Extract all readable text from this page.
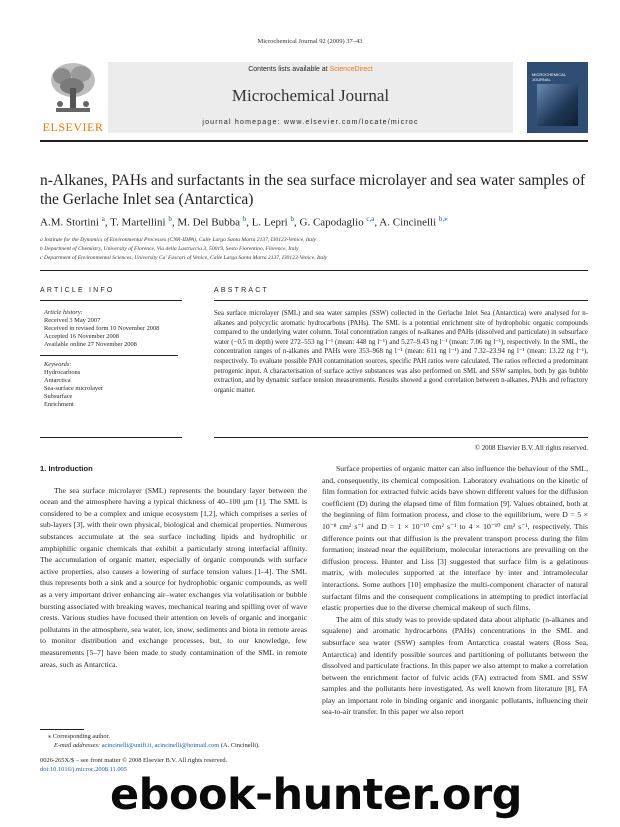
Microchemical Journal 92 (2009) 37–43
ELSEVIER
Contents lists available at ScienceDirect
Microchemical Journal
journal homepage: www.elsevier.com/locate/microc
MICROCHEMICAL JOURNAL
n-Alkanes, PAHs and surfactants in the sea surface microlayer and sea water samples of the Gerlache Inlet sea (Antarctica)
A.M. Stortini $^a$, T. Martellini $^b$, M. Del Bubba $^b$, L. Lepri $^b$, G. Capodaglio $^{c,a}$, A. Cincinelli $^{b,⁎}$
a Institute for the Dynamics of Environmental Processes (CNR-IDPA), Calle Larga Santa Marta 2137, I30123-Venice, Italy
b Department of Chemistry, University of Florence, Via della Lastruccia 3, 50019, Sesto Fiorentino, Florence, Italy
c Department of Environmental Sciences, University Ca' Foscari of Venice, Calle Larga Santa Marta 2137, I30123-Venice, Italy
ARTICLE INFO
Article history:
Received 3 May 2007
Received in revised form 10 November 2008
Accepted 16 November 2008
Available online 27 November 2008

Keywords:
Hydrocarbons
Antarctica
Sea-surface microlayer
Subsurface
Enrichment
ABSTRACT
Sea surface microlayer (SML) and sea water samples (SSW) collected in the Gerlache Inlet Sea (Antarctica) were analysed for n-alkanes and polycyclic aromatic hydrocarbons (PAHs). The SML is a potential enrichment site of hydrophobic organic compounds compared to the underlying water column. Total concentration ranges of n-alkanes and PAHs (dissolved and particulate) in subsurface water (−0.5 m depth) were 272–553 ng l⁻¹ (mean: 448 ng l⁻¹) and 5.27–9.43 ng l⁻¹ (mean: 7.06 ng l⁻¹), respectively. In the SML, the concentration ranges of n-alkanes and PAHs were 353–968 ng l⁻¹ (mean: 611 ng l⁻¹) and 7.32–23.94 ng l⁻¹ (mean: 13.22 ng l⁻¹), respectively. To evaluate possible PAH contamination sources, specific PAH ratios were calculated. The ratios reflected a predominant petrogenic input. A characterisation of surface active substances was also performed on SML and SSW samples, both by gas bubble extraction, and by dynamic surface tension measurements. Results showed a good correlation between n-alkanes, PAHs and refractory organic matter.
© 2008 Elsevier B.V. All rights reserved.
1. Introduction
The sea surface microlayer (SML) represents the boundary layer between the ocean and the atmosphere having a typical thickness of 40–100 µm [1]. The SML is considered to be a complex and unique ecosystem [1,2], which comprises a series of sub-layers [3], with their own physical, biological and chemical properties. Numerous substances accumulate at the sea surface including lipids and hydrophilic or amphiphilic organic chemicals that exhibit a particularly strong interfacial affinity. The accumulation of organic matter, especially of organic compounds with surface active properties, also causes a lowering of surface tension values [1–4]. The SML thus represents both a sink and a source for hydrophobic organic compounds, as well as a very important driver enhancing air–water exchanges via volatilisation or bubble bursting associated with breaking waves, mechanical tearing and spilling over of wave crests. Various studies have focused their attention on levels of organic and inorganic pollutants in the atmosphere, sea water, ice, snow, sediments and biota in remote areas to monitor distribution and exchange processes, but, to our knowledge, few measurements [5–7] have been made to study contamination of the SML in remote areas, such as Antarctica.
Surface properties of organic matter can also influence the behaviour of the SML, and, consequently, its chemical composition. Laboratory evaluations on the kinetic of film formation for extracted fulvic acids have shown different values for the diffusion coefficient (D) during the elapsed time of film formation [9]. Values obtained, both at the beginning of film formation process, and close to the equilibrium, were D = 5 × 10⁻⁸ cm² s⁻¹ and D = 1 × 10⁻¹⁰ cm² s⁻¹ to 4 × 10⁻¹⁰ cm² s⁻¹, respectively. This difference points out that diffusion is the prevalent transport process during the film formation; instead near the equilibrium, molecular interactions are prevailing on the diffusion process. Hunter and Liss [3] suggested that surface film is a gelatinous matrix, with molecules supported at the interface by inter and intramolecular interactions. Some authors [10] emphasize the multi-component character of natural surfactant films and the consequent complications in attempting to predict interfacial elastic properties due to the diverse chemical makeup of such films.
The aim of this study was to provide updated data about aliphatic (n-alkanes and squalene) and aromatic hydrocarbons (PAHs) concentrations in the SML and subsurface sea water (SSW) samples from Antarctica coastal waters (Ross Sea, Antarctica) and identify possible sources and partitioning of pollutants between the dissolved and particulate fractions. In this paper we also attempt to make a correlation between the enrichment factor of fulvic acids (FA) extracted from SML and SSW samples and the pollutants here investigated. As well known from literature [8], FA play an important role in binding organic and inorganic pollutants, influencing their sea-to-air transfer. In this paper we also report
⁎ Corresponding author.
E-mail addresses: acincinelli@unifi.it, acincinelli@hotmail.com (A. Cincinelli).
0026-265X/$ – see front matter © 2008 Elsevier B.V. All rights reserved.
doi:10.1016/j.microc.2008.11.005
ebook-hunter.org
